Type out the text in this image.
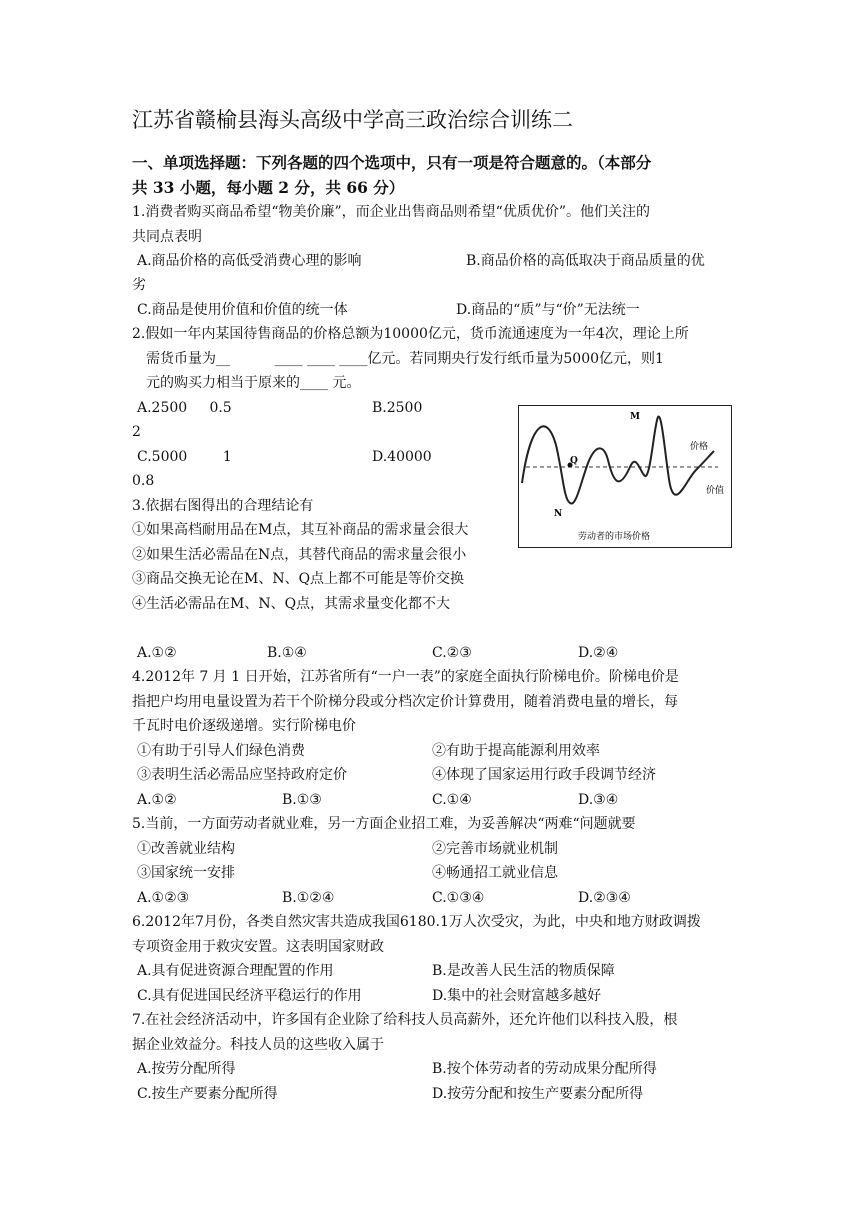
江苏省赣榆县海头高级中学高三政治综合训练二
一、单项选择题：下列各题的四个选项中，只有一项是符合题意的。（本部分
共 33 小题，每小题 2 分，共 66 分）
1.消费者购买商品希望“物美价廉”，而企业出售商品则希望“优质优价”。他们关注的
共同点表明
A.商品价格的高低受消费心理的影响	B.商品价格的高低取决于商品质量的优
劣
C.商品是使用价值和价值的统一体	D.商品的“质”与“价”无法统一
2.假如一年内某国待售商品的价格总额为10000亿元，货币流通速度为一年4次，理论上所
需货币量为__          ____ ____ ____亿元。若同期央行发行纸币量为5000亿元，则1
元的购买力相当于原来的____ 元。
A.2500     0.5	B.2500
2
C.5000        1	D.40000
0.8
3.依据右图得出的合理结论有
①如果高档耐用品在M点，其互补商品的需求量会很大
②如果生活必需品在N点，其替代商品的需求量会很小
③商品交换无论在M、N、Q点上都不可能是等价交换
④生活必需品在M、N、Q点，其需求量变化都不大
M
Q
N
价格
价值
劳动者的市场价格
A.①②	B.①④	C.②③	D.②④
4.2012年 7 月 1 日开始，江苏省所有“一户一表”的家庭全面执行阶梯电价。阶梯电价是
指把户均用电量设置为若干个阶梯分段或分档次定价计算费用，随着消费电量的增长，每
千瓦时电价逐级递增。实行阶梯电价
①有助于引导人们绿色消费	②有助于提高能源利用效率
③表明生活必需品应坚持政府定价	④体现了国家运用行政手段调节经济
A.①②	B.①③	C.①④	D.③④
5.当前，一方面劳动者就业难，另一方面企业招工难，为妥善解决“两难“问题就要
①改善就业结构	②完善市场就业机制
③国家统一安排	④畅通招工就业信息
A.①②③	B.①②④	C.①③④	D.②③④
6.2012年7月份，各类自然灾害共造成我国6180.1万人次受灾，为此，中央和地方财政调拨
专项资金用于救灾安置。这表明国家财政
A.具有促进资源合理配置的作用	B.是改善人民生活的物质保障
C.具有促进国民经济平稳运行的作用	D.集中的社会财富越多越好
7.在社会经济活动中，许多国有企业除了给科技人员高薪外，还允许他们以科技入股，根
据企业效益分。科技人员的这些收入属于
A.按劳分配所得	B.按个体劳动者的劳动成果分配所得
C.按生产要素分配所得	D.按劳分配和按生产要素分配所得
